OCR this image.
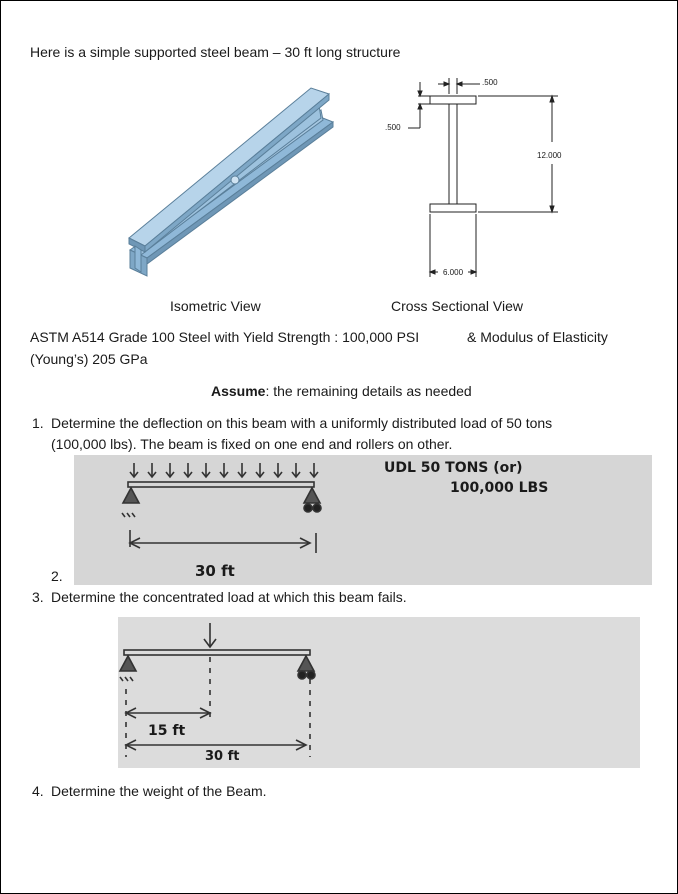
Here is a simple supported steel beam – 30 ft long structure
.500
.500
12.000
6.000
Isometric View	Cross Sectional View
ASTM A514 Grade 100 Steel with Yield Strength : 100,000 PSI	& Modulus of Elasticity
(Young’s) 205 GPa
Assume: the remaining details as needed
1. Determine the deflection on this beam with a uniformly distributed load of 50 tons
(100,000 lbs). The beam is fixed on one end and rollers on other.
UDL 50 TONS (or)
100,000 LBS
30 ft
2.
3. Determine the concentrated load at which this beam fails.
15 ft
30 ft
4. Determine the weight of the Beam.
